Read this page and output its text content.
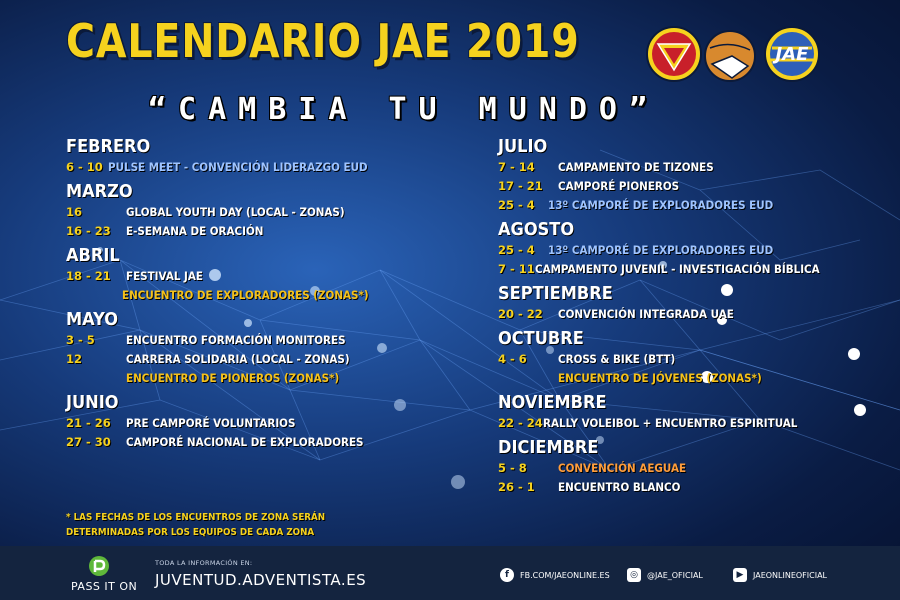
CALENDARIO JAE 2019

“CAMBIA TU MUNDO”

JAE

FEBRERO

6 - 10 PULSE MEET - CONVENCIÓN LIDERAZGO EUD

MARZO

16	GLOBAL YOUTH DAY (LOCAL - ZONAS)
16 - 23	E-SEMANA DE ORACIÓN

ABRIL

18 - 21	FESTIVAL JAE
ENCUENTRO DE EXPLORADORES (ZONAS*)

MAYO

3 - 5	ENCUENTRO FORMACIÓN MONITORES
12	CARRERA SOLIDARIA (LOCAL - ZONAS)
ENCUENTRO DE PIONEROS (ZONAS*)

JUNIO

21 - 26	PRE CAMPORÉ VOLUNTARIOS
27 - 30	CAMPORÉ NACIONAL DE EXPLORADORES

JULIO

7 - 14	CAMPAMENTO DE TIZONES
17 - 21	CAMPORÉ PIONEROS
25 - 4	13º CAMPORÉ DE EXPLORADORES EUD

AGOSTO

25 - 4	13º CAMPORÉ DE EXPLORADORES EUD
7 - 11 CAMPAMENTO JUVENIL - INVESTIGACIÓN BÍBLICA

SEPTIEMBRE

20 - 22	CONVENCIÓN INTEGRADA UAE

OCTUBRE

4 - 6	CROSS & BIKE (BTT)
ENCUENTRO DE JÓVENES (ZONAS*)

NOVIEMBRE

22 - 24 RALLY VOLEIBOL + ENCUENTRO ESPIRITUAL

DICIEMBRE

5 - 8	CONVENCIÓN AEGUAE
26 - 1	ENCUENTRO BLANCO

* LAS FECHAS DE LOS ENCUENTROS DE ZONA SERÁN DETERMINADAS POR LOS EQUIPOS DE CADA ZONA

PASS IT ON
TODA LA INFORMACIÓN EN:
JUVENTUD.ADVENTISTA.ES	f	FB.COM/JAEONLINE.ES	◎	@JAE_OFICIAL	▶	JAEONLINEOFICIAL
